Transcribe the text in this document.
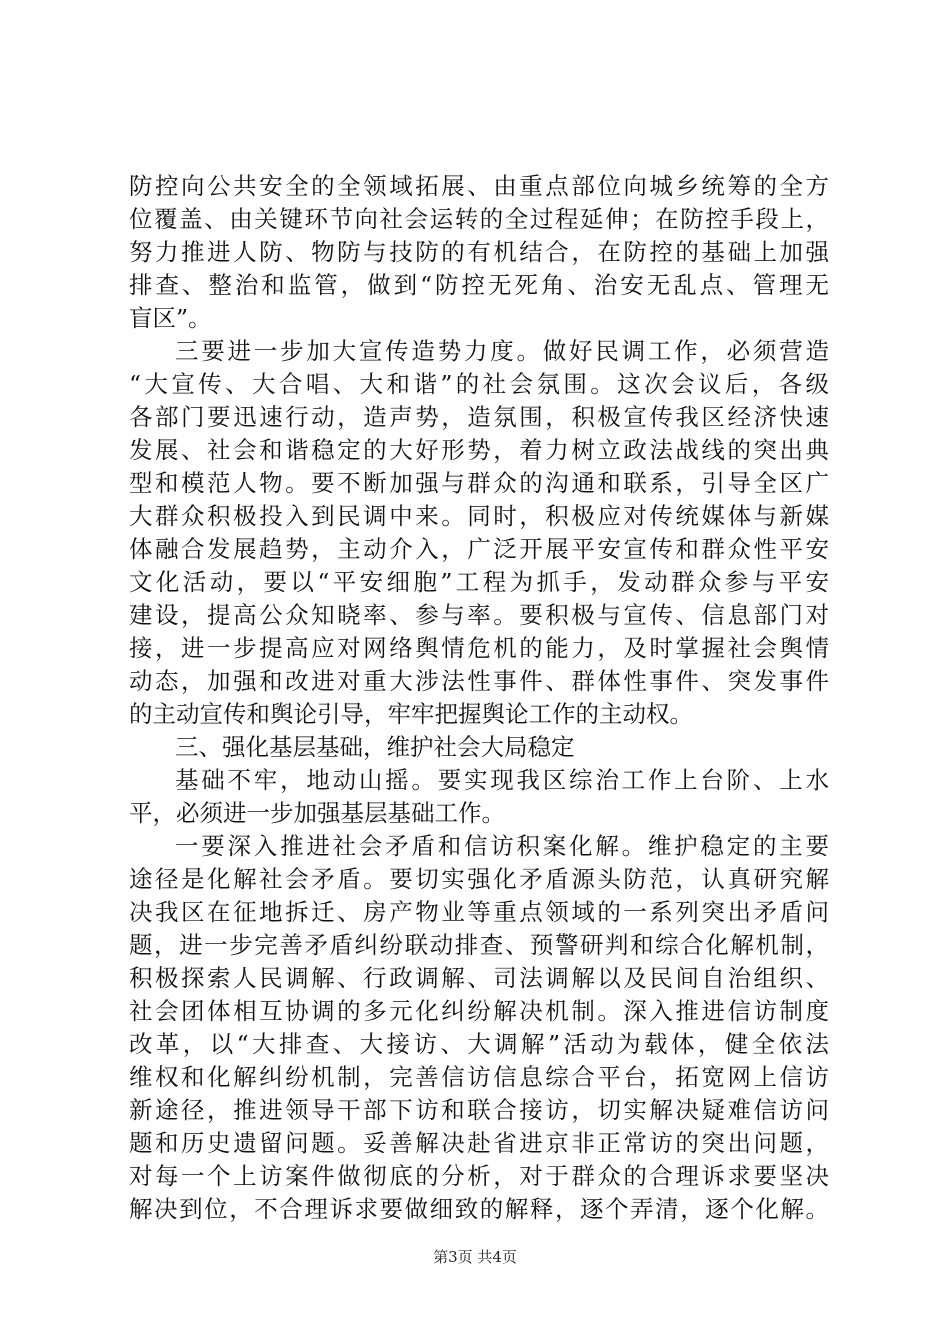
防控向公共安全的全领域拓展、由重点部位向城乡统筹的全方
位覆盖、由关键环节向社会运转的全过程延伸；在防控手段上，
努力推进人防、物防与技防的有机结合，在防控的基础上加强
排查、整治和监管，做到“防控无死角、治安无乱点、管理无
盲区”。
三要进一步加大宣传造势力度。做好民调工作，必须营造
“大宣传、大合唱、大和谐”的社会氛围。这次会议后，各级
各部门要迅速行动，造声势，造氛围，积极宣传我区经济快速
发展、社会和谐稳定的大好形势，着力树立政法战线的突出典
型和模范人物。要不断加强与群众的沟通和联系，引导全区广
大群众积极投入到民调中来。同时，积极应对传统媒体与新媒
体融合发展趋势，主动介入，广泛开展平安宣传和群众性平安
文化活动，要以“平安细胞”工程为抓手，发动群众参与平安
建设，提高公众知晓率、参与率。要积极与宣传、信息部门对
接，进一步提高应对网络舆情危机的能力，及时掌握社会舆情
动态，加强和改进对重大涉法性事件、群体性事件、突发事件
的主动宣传和舆论引导，牢牢把握舆论工作的主动权。
三、强化基层基础，维护社会大局稳定
基础不牢，地动山摇。要实现我区综治工作上台阶、上水
平，必须进一步加强基层基础工作。
一要深入推进社会矛盾和信访积案化解。维护稳定的主要
途径是化解社会矛盾。要切实强化矛盾源头防范，认真研究解
决我区在征地拆迁、房产物业等重点领域的一系列突出矛盾问
题，进一步完善矛盾纠纷联动排查、预警研判和综合化解机制，
积极探索人民调解、行政调解、司法调解以及民间自治组织、
社会团体相互协调的多元化纠纷解决机制。深入推进信访制度
改革，以“大排查、大接访、大调解”活动为载体，健全依法
维权和化解纠纷机制，完善信访信息综合平台，拓宽网上信访
新途径，推进领导干部下访和联合接访，切实解决疑难信访问
题和历史遗留问题。妥善解决赴省进京非正常访的突出问题，
对每一个上访案件做彻底的分析，对于群众的合理诉求要坚决
解决到位，不合理诉求要做细致的解释，逐个弄清，逐个化解。
第3页 共4页
